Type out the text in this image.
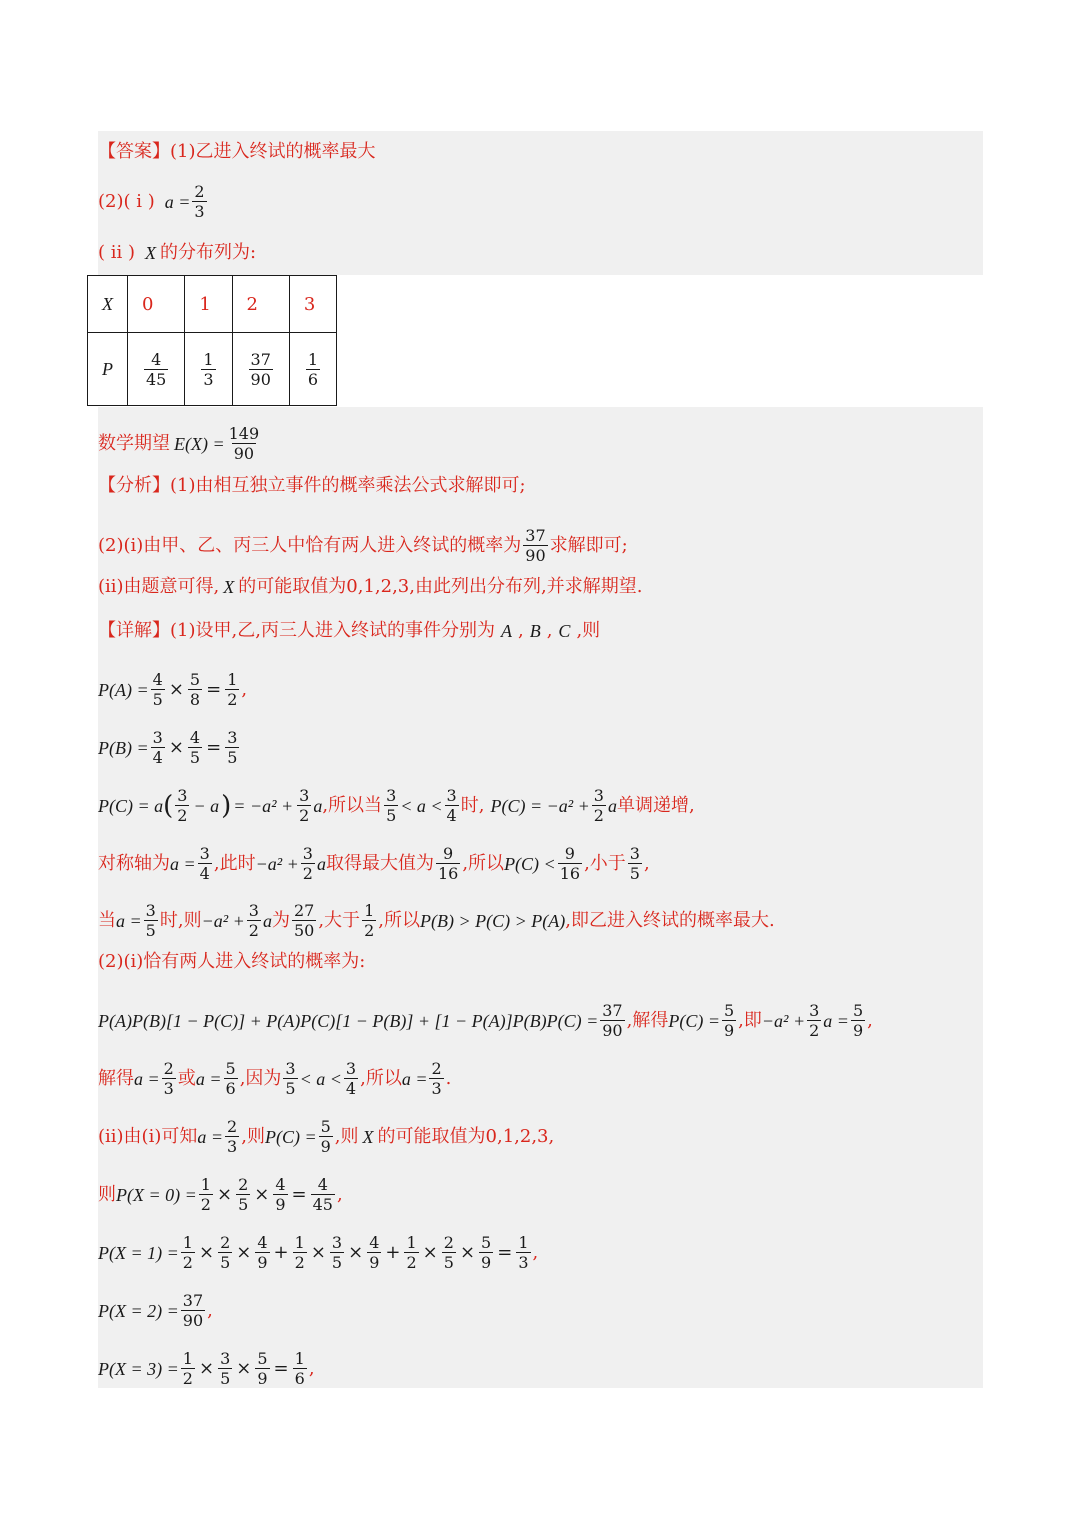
【答案】 (1)乙进入终试的概率最大
(2)( ⅰ ) $a = \frac{2}{3}$
( ⅱ ) X 的分布列为:
X	0	1	2	3
P	$\frac{4}{45}$	$\frac{1}{3}$	$\frac{37}{90}$	$\frac{1}{6}$
数学期望 $E(X) = \frac{149}{90}$
【分析】 (1)由相互独立事件的概率乘法公式求解即可;
(2)(i)由甲、乙、丙三人中恰有两人进入终试的概率为 37
90 求解即可;
(ii)由题意可得, X 的可能取值为0,1,2,3,由此列出分布列,并求解期望.
【详解】 (1)设甲,乙,丙三人进入终试的事件分别为 A , B , C ,则
$P(A) = \frac{4}{5} \times \frac{5}{8} = \frac{1}{2}$ ,
$P(B) = \frac{3}{4} \times \frac{4}{5} = \frac{3}{5}$
P(C) = a ( 3
2 − a ) = $-a^2 + \frac{3}{2}$ a ,所以当 3
5 < a < 3
4 时, $P(C) = -a^2 + \frac{3}{2}$ a 单调递增,
对称轴为 $a = \frac{3}{4}$ ,此时 $-a^2 + \frac{3}{2}$ a 取得最大值为 9
16 ,所以 P(C) < 9
16 ,小于 3
5 ,
当 $a = \frac{3}{5}$ 时,则 $-a^2 + \frac{3}{2}$ a 为 27
50 ,大于 1
2 ,所以 P(B) > P(C) > P(A) ,即乙进入终试的概率最大.
(2)(i)恰有两人进入终试的概率为:
$P(A)P(B)[1 - P(C)] + P(A)P(C)[1 - P(B)] + [1 - P(A)]P(B)P(C) = \frac{37}{90}$ ,解得 $P(C) = \frac{5}{9}$ ,即 $-a^2 + \frac{3}{2}$ $a = \frac{5}{9}$ ,
解得 $a = \frac{2}{3}$ 或 $a = \frac{5}{6}$ ,因为 3
5 < a < 3
4 ,所以 $a = \frac{2}{3}$ .
(ii)由(i)可知 $a = \frac{2}{3}$ ,则 $P(C) = \frac{5}{9}$ ,则 X 的可能取值为0,1,2,3,
则 $P(X = 0) = \frac{1}{2} \times \frac{2}{5} \times \frac{4}{9} = \frac{4}{45}$ ,
$P(X = 1) = \frac{1}{2} \times \frac{2}{5} \times \frac{4}{9} + \frac{1}{2} \times \frac{3}{5} \times \frac{4}{9} + \frac{1}{2} \times \frac{2}{5} \times \frac{5}{9} = \frac{1}{3}$ ,
$P(X = 2) = \frac{37}{90}$ ,
$P(X = 3) = \frac{1}{2} \times \frac{3}{5} \times \frac{5}{9} = \frac{1}{6}$ ,
